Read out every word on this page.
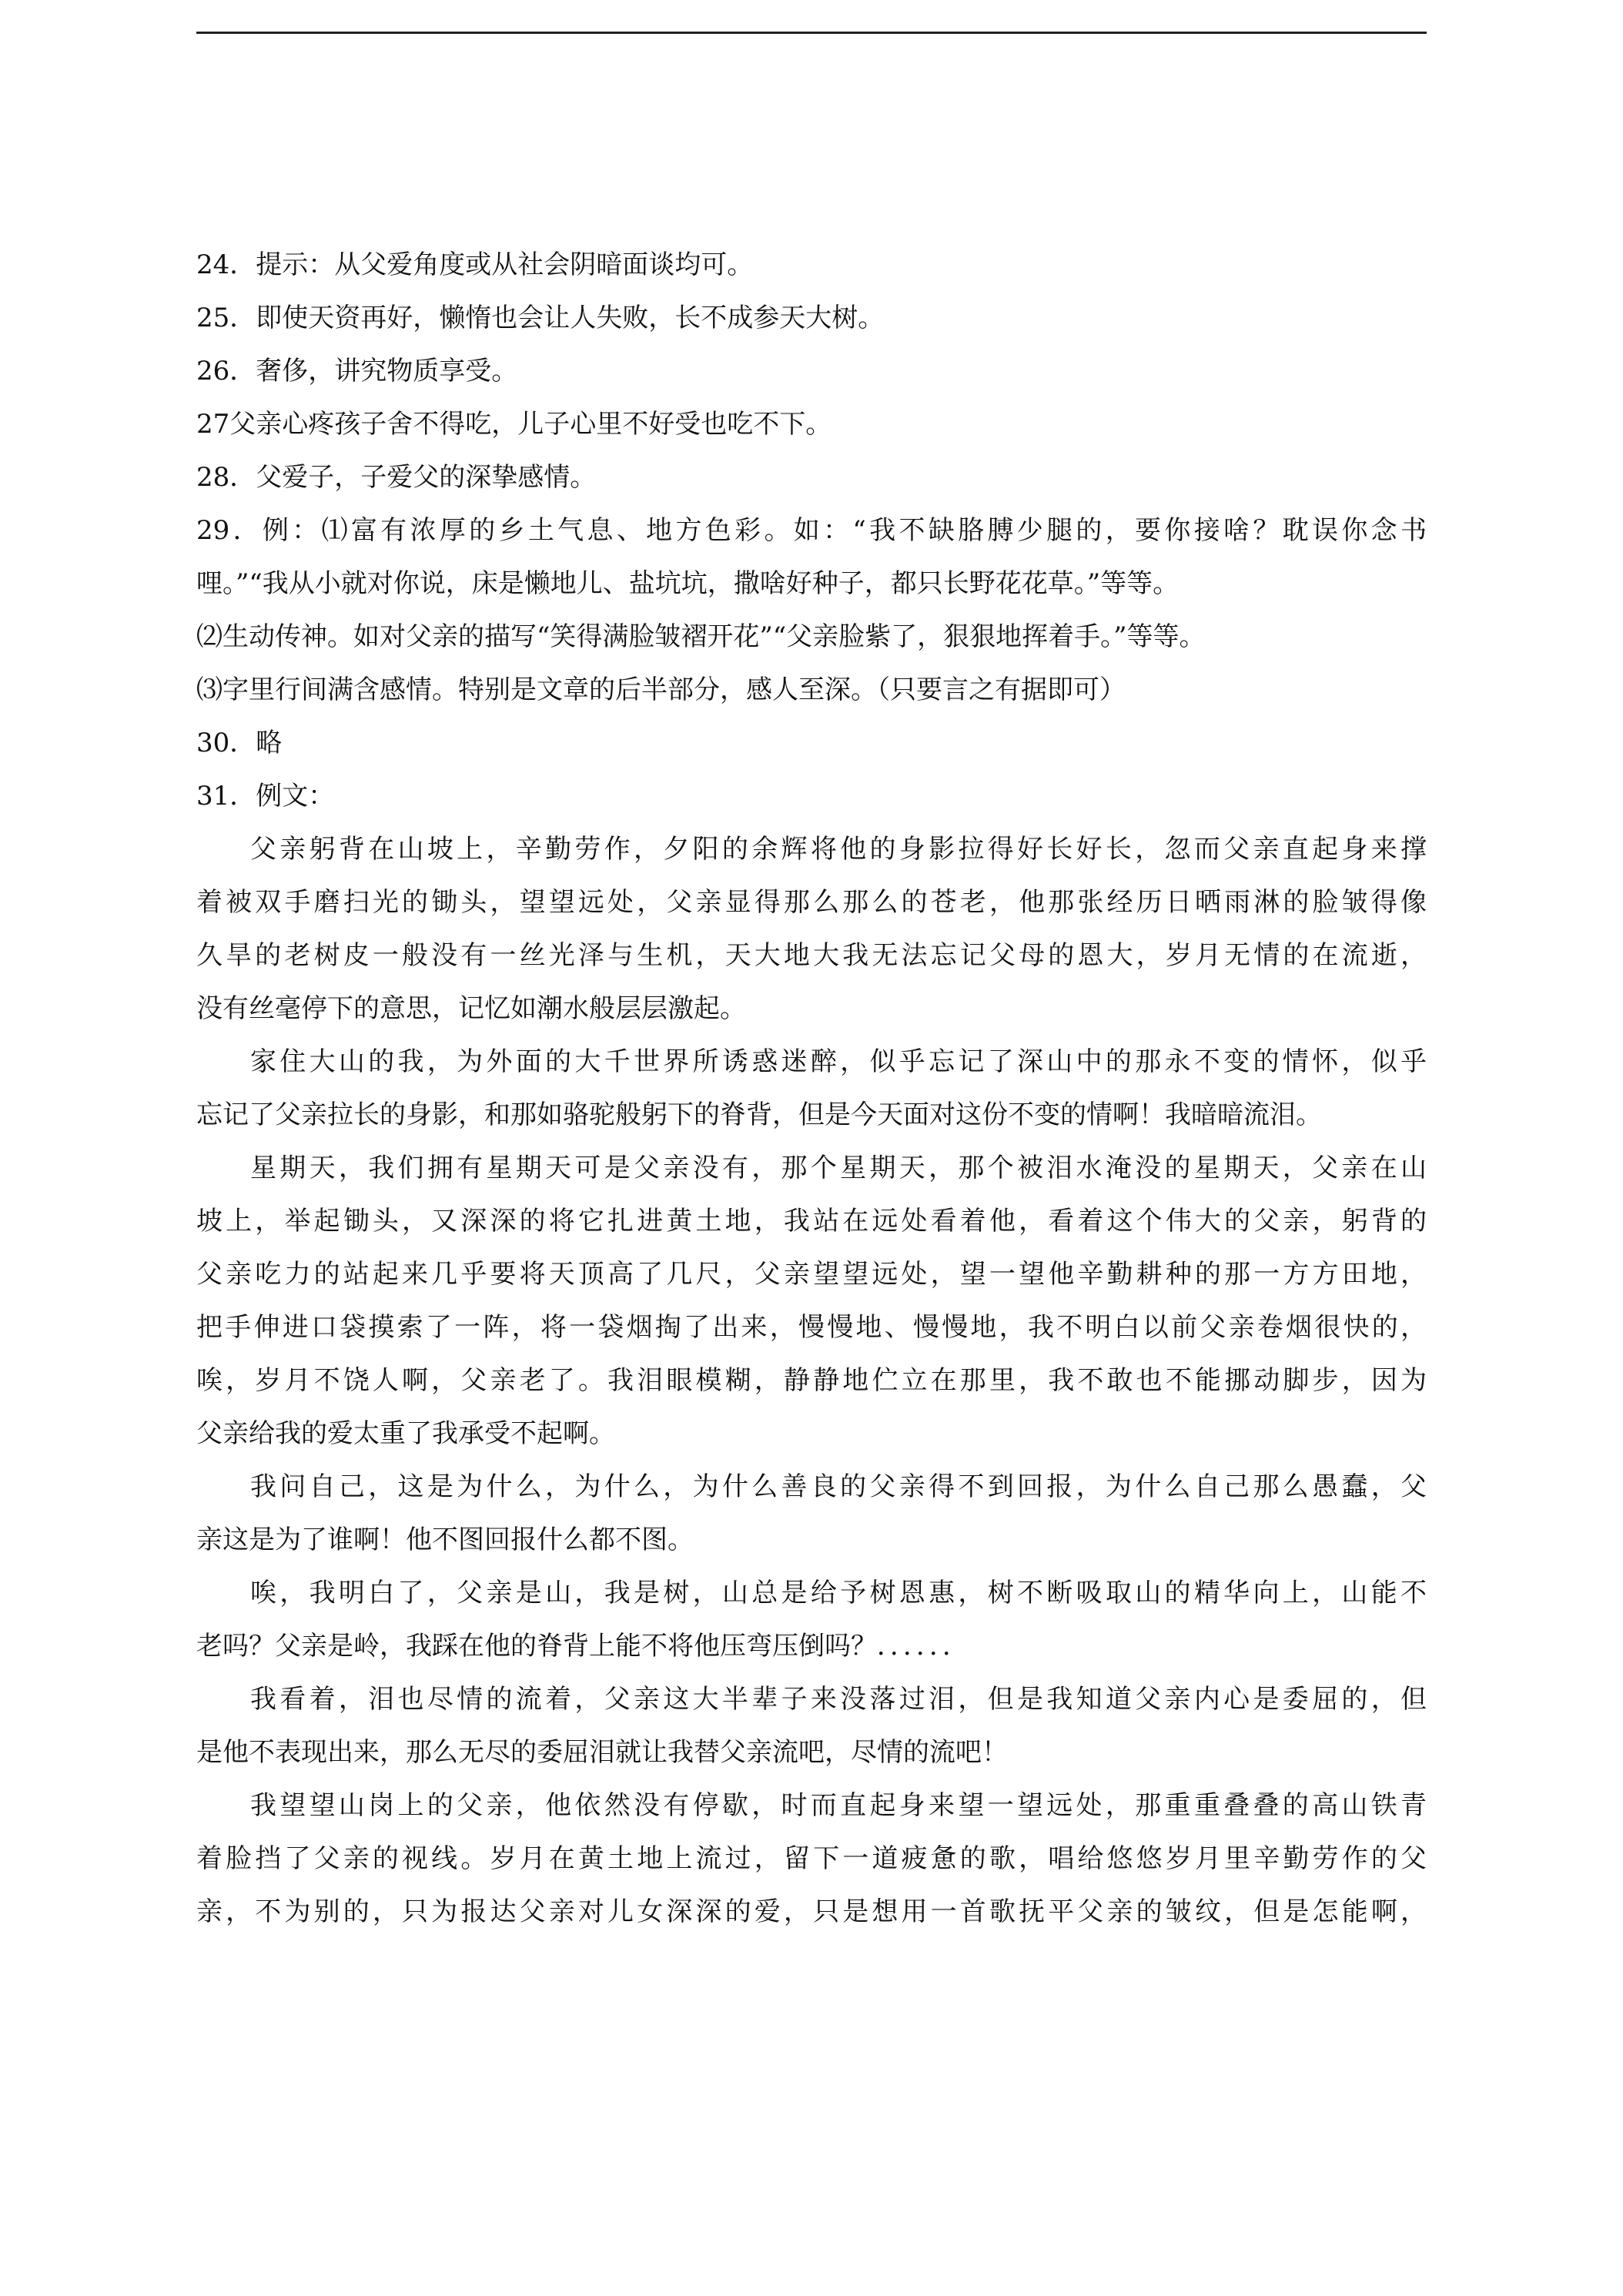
24．提示：从父爱角度或从社会阴暗面谈均可。

25．即使天资再好，懒惰也会让人失败，长不成参天大树。

26．奢侈，讲究物质享受。

27父亲心疼孩子舍不得吃，儿子心里不好受也吃不下。

28．父爱子，子爱父的深挚感情。

29．例：⑴富有浓厚的乡土气息、地方色彩。如：“我不缺胳膊少腿的，要你接啥？耽误你念书

哩。”“我从小就对你说，床是懒地儿、盐坑坑，撒啥好种子，都只长野花花草。”等等。

⑵生动传神。如对父亲的描写“笑得满脸皱褶开花”“父亲脸紫了，狠狠地挥着手。”等等。

⑶字里行间满含感情。特别是文章的后半部分，感人至深。（只要言之有据即可）

30．略

31．例文：

父亲躬背在山坡上，辛勤劳作，夕阳的余辉将他的身影拉得好长好长，忽而父亲直起身来撑

着被双手磨扫光的锄头，望望远处，父亲显得那么那么的苍老，他那张经历日晒雨淋的脸皱得像

久旱的老树皮一般没有一丝光泽与生机，天大地大我无法忘记父母的恩大，岁月无情的在流逝，

没有丝毫停下的意思，记忆如潮水般层层激起。

家住大山的我，为外面的大千世界所诱惑迷醉，似乎忘记了深山中的那永不变的情怀，似乎

忘记了父亲拉长的身影，和那如骆驼般躬下的脊背，但是今天面对这份不变的情啊！我暗暗流泪。

星期天，我们拥有星期天可是父亲没有，那个星期天，那个被泪水淹没的星期天，父亲在山

坡上，举起锄头，又深深的将它扎进黄土地，我站在远处看着他，看着这个伟大的父亲，躬背的

父亲吃力的站起来几乎要将天顶高了几尺，父亲望望远处，望一望他辛勤耕种的那一方方田地，

把手伸进口袋摸索了一阵，将一袋烟掏了出来，慢慢地、慢慢地，我不明白以前父亲卷烟很快的，

唉，岁月不饶人啊，父亲老了。我泪眼模糊，静静地伫立在那里，我不敢也不能挪动脚步，因为

父亲给我的爱太重了我承受不起啊。

我问自己，这是为什么，为什么，为什么善良的父亲得不到回报，为什么自己那么愚蠢，父

亲这是为了谁啊！他不图回报什么都不图。

唉，我明白了，父亲是山，我是树，山总是给予树恩惠，树不断吸取山的精华向上，山能不

老吗？父亲是岭，我踩在他的脊背上能不将他压弯压倒吗？．．．．．．

我看着，泪也尽情的流着，父亲这大半辈子来没落过泪，但是我知道父亲内心是委屈的，但

是他不表现出来，那么无尽的委屈泪就让我替父亲流吧，尽情的流吧！

我望望山岗上的父亲，他依然没有停歇，时而直起身来望一望远处，那重重叠叠的高山铁青

着脸挡了父亲的视线。岁月在黄土地上流过，留下一道疲惫的歌，唱给悠悠岁月里辛勤劳作的父

亲，不为别的，只为报达父亲对儿女深深的爱，只是想用一首歌抚平父亲的皱纹，但是怎能啊，
